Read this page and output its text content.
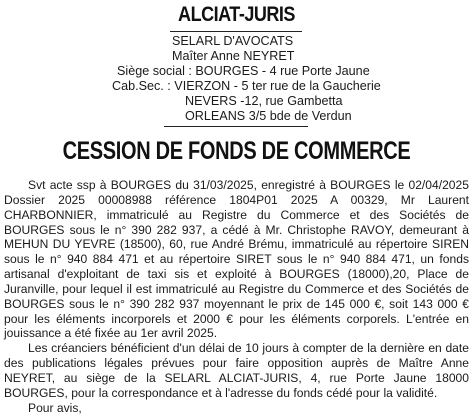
ALCIAT-JURIS
SELARL D'AVOCATS
Maîter Anne NEYRET
Siège social : BOURGES - 4 rue Porte Jaune
Cab.Sec. : VIERZON - 5 ter rue de la Gaucherie
NEVERS -12, rue Gambetta
ORLEANS 3/5 bde de Verdun
CESSION DE FONDS DE COMMERCE

Svt acte ssp à BOURGES du 31/03/2025, enregistré à BOURGES le 02/04/2025 Dossier 2025 00008988 référence 1804P01 2025 A 00329, Mr Laurent CHARBONNIER, immatriculé au Registre du Commerce et des Sociétés de BOURGES sous le n° 390 282 937, a cédé à Mr. Christophe RAVOY, demeurant à MEHUN DU YEVRE (18500), 60, rue André Brému, immatriculé au répertoire SIREN sous le n° 940 884 471 et au répertoire SIRET sous le n° 940 884 471, un fonds artisanal d'exploitant de taxi sis et exploité à BOURGES (18000),20, Place de Juranville, pour lequel il est immatriculé au Registre du Commerce et des Sociétés de BOURGES sous le n° 390 282 937 moyennant le prix de 145 000 €, soit 143 000 € pour les éléments incorporels et 2000 € pour les éléments corporels. L'entrée en jouissance a été fixée au 1er avril 2025.

Les créanciers bénéficient d'un délai de 10 jours à compter de la dernière en date des publications légales prévues pour faire opposition auprès de Maître Anne NEYRET, au siège de la SELARL ALCIAT-JURIS, 4, rue Porte Jaune 18000 BOURGES, pour la correspondance et à l'adresse du fonds cédé pour la validité.

Pour avis,
